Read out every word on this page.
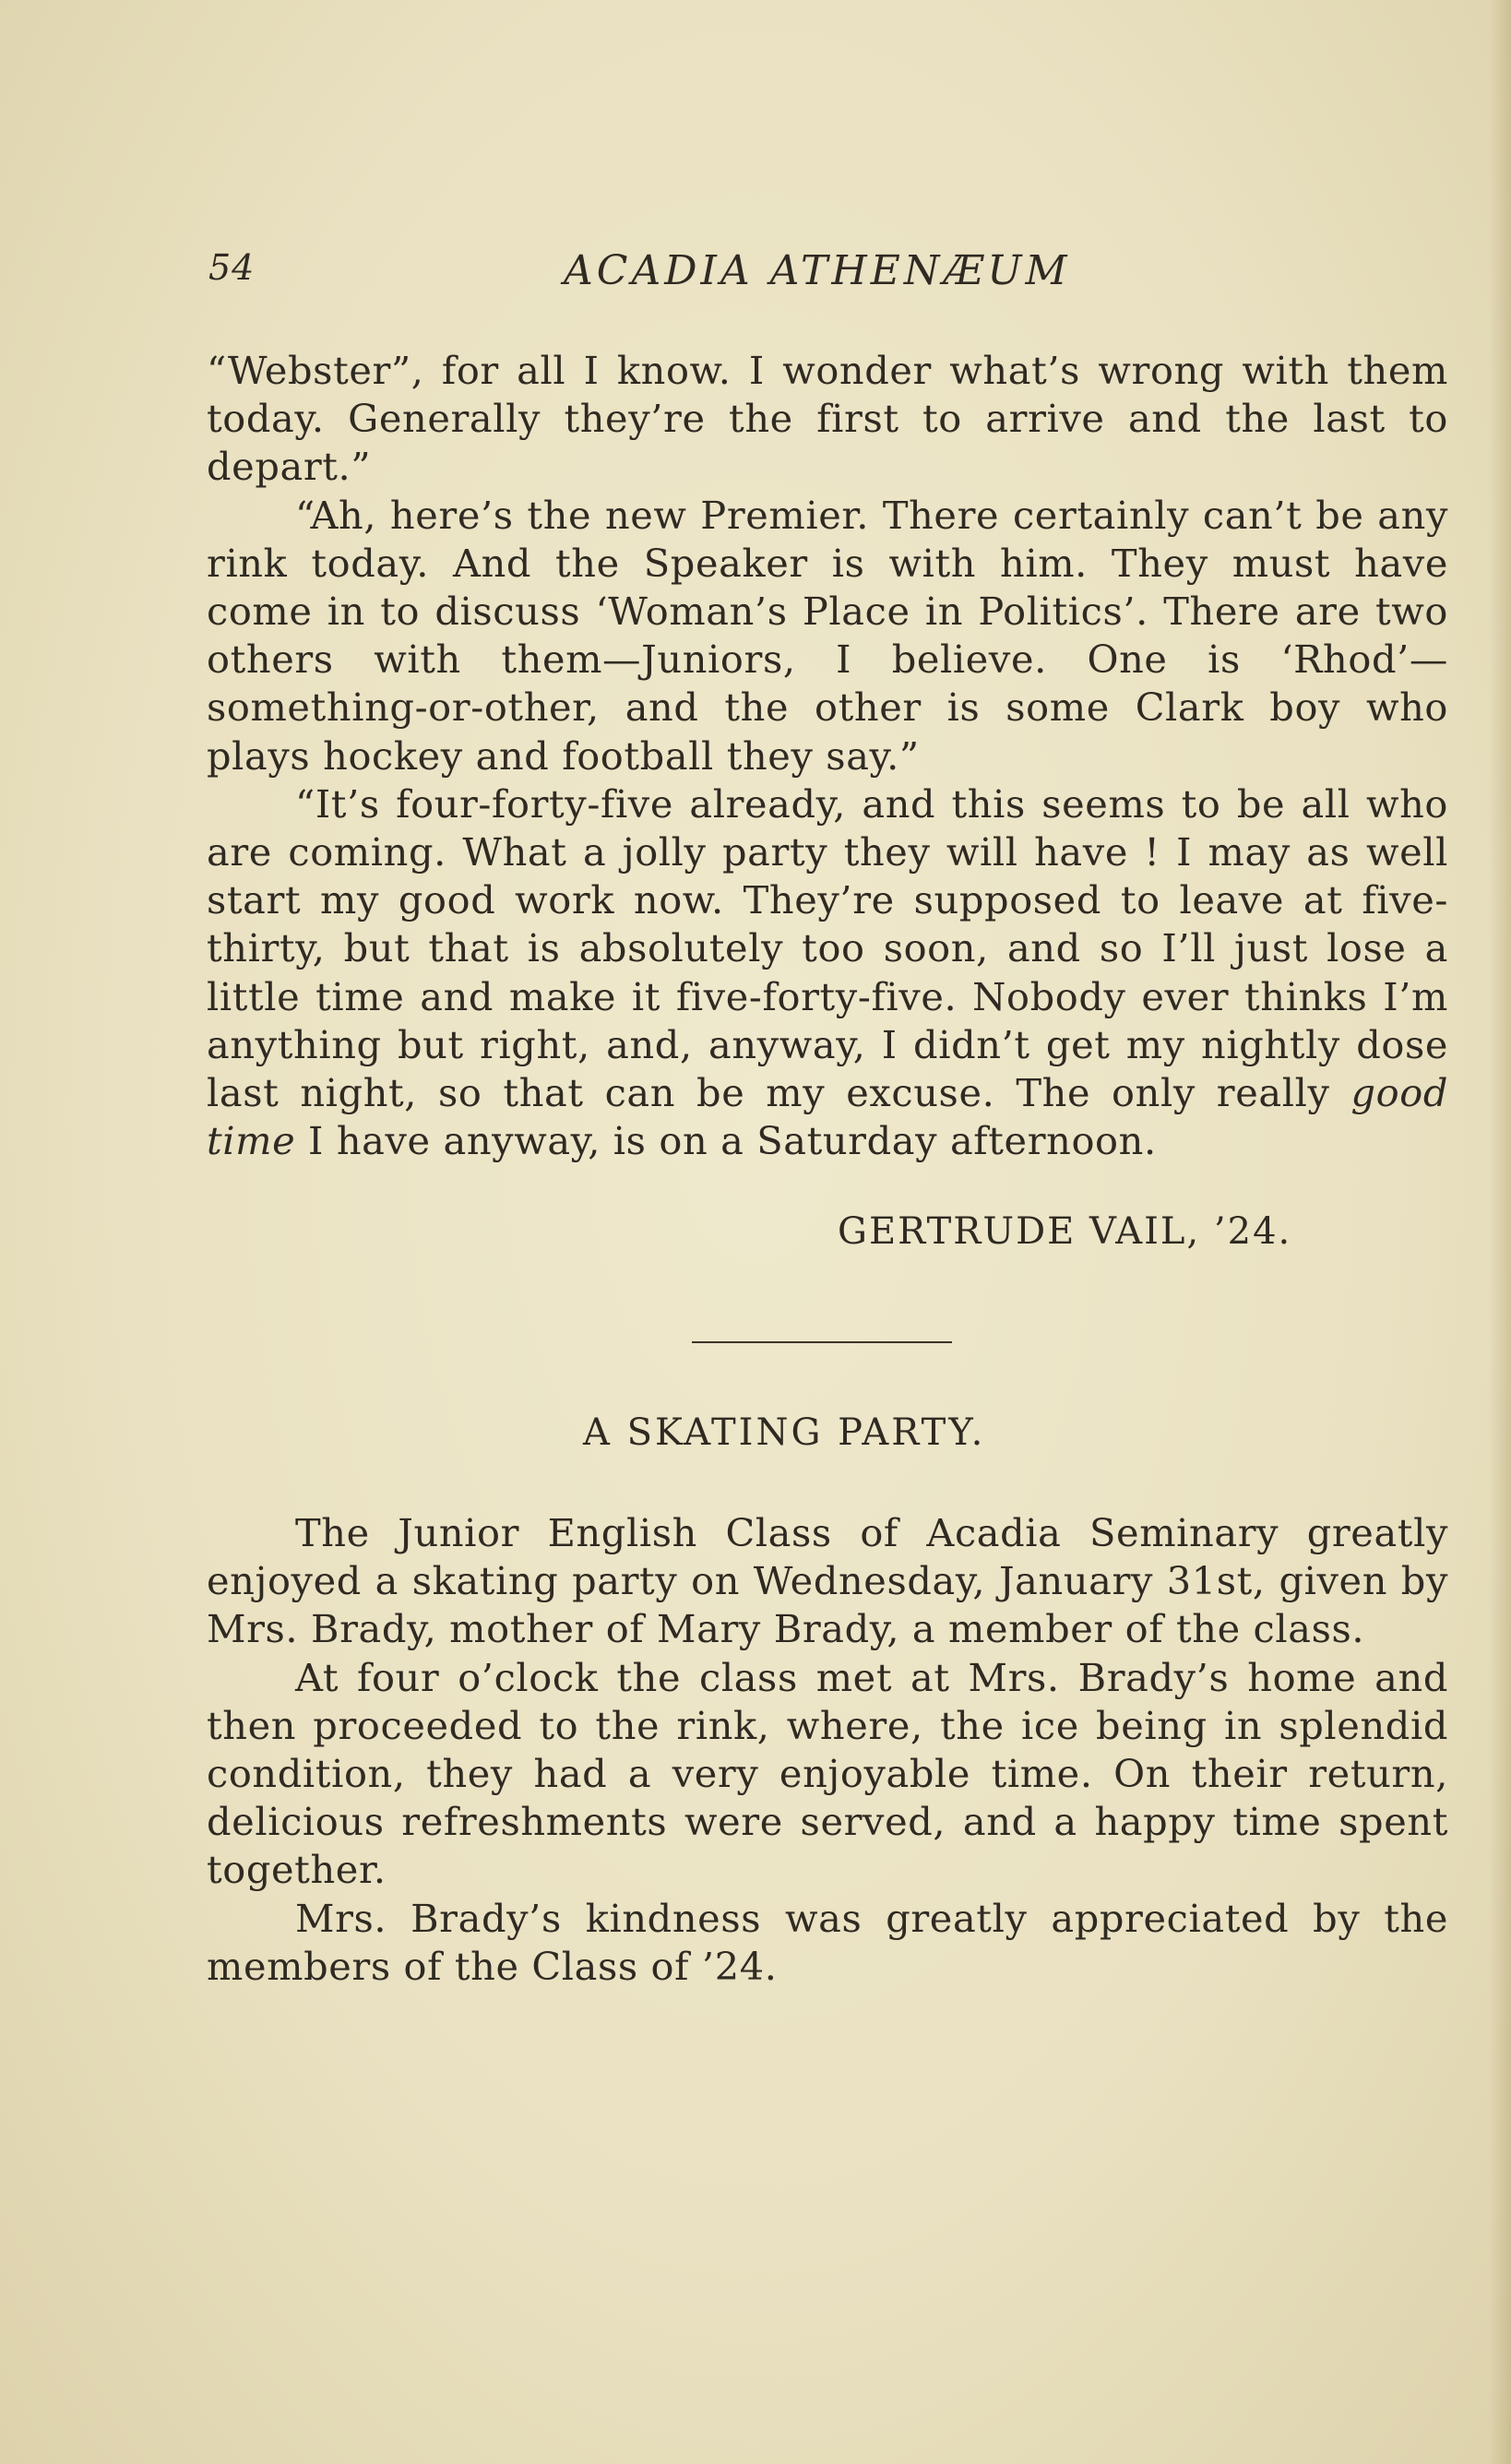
54	ACADIA ATHENÆUM

“Webster”, for all I know. I wonder what’s wrong with them today. Generally they’re the first to arrive and the last to depart.”

“Ah, here’s the new Premier. There certainly can’t be any rink today. And the Speaker is with him. They must have come in to discuss ‘Woman’s Place in Politics’. There are two others with them—Juniors, I believe. One is ‘Rhod’—something-or-other, and the other is some Clark boy who plays hockey and football they say.”

“It’s four-forty-five already, and this seems to be all who are coming. What a jolly party they will have ! I may as well start my good work now. They’re supposed to leave at five-thirty, but that is absolutely too soon, and so I’ll just lose a little time and make it five-forty-five. Nobody ever thinks I’m anything but right, and, anyway, I didn’t get my nightly dose last night, so that can be my excuse. The only really good time I have anyway, is on a Saturday afternoon.

GERTRUDE VAIL, ’24.
A SKATING PARTY.

The Junior English Class of Acadia Seminary greatly enjoyed a skating party on Wednesday, January 31st, given by Mrs. Brady, mother of Mary Brady, a member of the class.

At four o’clock the class met at Mrs. Brady’s home and then proceeded to the rink, where, the ice being in splendid condition, they had a very enjoyable time. On their return, delicious refreshments were served, and a happy time spent together.

Mrs. Brady’s kindness was greatly appreciated by the members of the Class of ’24.
